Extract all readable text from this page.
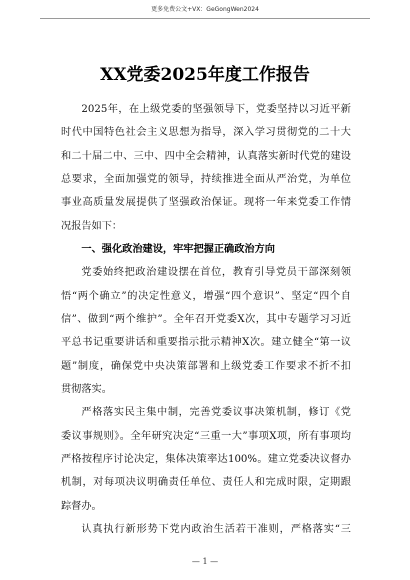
更多免费公文+VX：GeGongWen2024
XX党委2025年度工作报告
2025年，在上级党委的坚强领导下，党委坚持以习近平新
时代中国特色社会主义思想为指导，深入学习贯彻党的二十大
和二十届二中、三中、四中全会精神，认真落实新时代党的建设
总要求，全面加强党的领导，持续推进全面从严治党，为单位
事业高质量发展提供了坚强政治保证。现将一年来党委工作情
况报告如下：
一、强化政治建设，牢牢把握正确政治方向
党委始终把政治建设摆在首位，教育引导党员干部深刻领
悟“两个确立”的决定性意义，增强“四个意识”、坚定“四个自
信”、做到“两个维护”。全年召开党委X次，其中专题学习习近
平总书记重要讲话和重要指示批示精神X次。建立健全“第一议
题”制度，确保党中央决策部署和上级党委工作要求不折不扣
贯彻落实。
严格落实民主集中制，完善党委议事决策机制，修订《党
委议事规则》。全年研究决定“三重一大”事项X项，所有事项均
严格按程序讨论决定，集体决策率达100%。建立党委决议督办
机制，对每项决议明确责任单位、责任人和完成时限，定期跟
踪督办。
认真执行新形势下党内政治生活若干准则，严格落实“三
— 1 —
